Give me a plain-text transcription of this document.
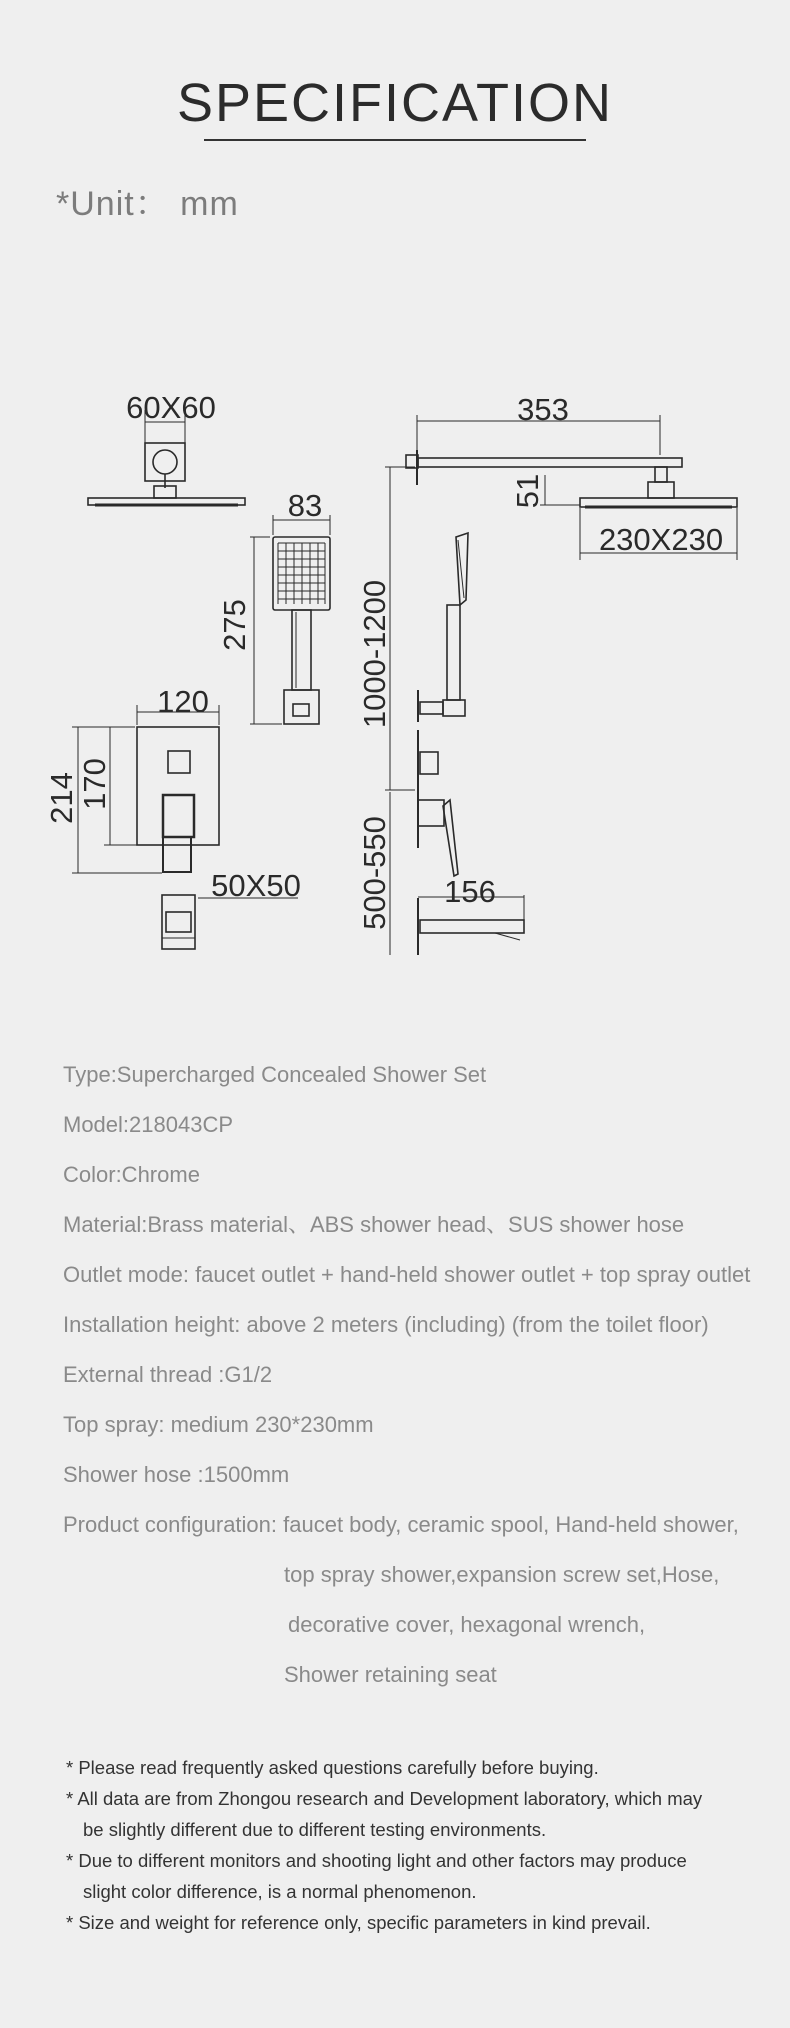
SPECIFICATION
*Unit： mm
60X60	353
230X230
83
120
50X50	156
51
275	1000-1200
214
170
500-550
Type:Supercharged Concealed Shower Set
Model:218043CP
Color:Chrome
Material:Brass material、ABS shower head、SUS shower hose
Outlet mode: faucet outlet + hand-held shower outlet + top spray outlet
Installation height: above 2 meters (including) (from the toilet floor)
External thread :G1/2
Top spray: medium 230*230mm
Shower hose :1500mm
Product configuration: faucet body, ceramic spool, Hand-held shower,
top spray shower,expansion screw set,Hose,
decorative cover, hexagonal wrench,
Shower retaining seat
* Please read frequently asked questions carefully before buying.
* All data are from Zhongou research and Development laboratory, which may
be slightly different due to different testing environments.
* Due to different monitors and shooting light and other factors may produce
slight color difference, is a normal phenomenon.
* Size and weight for reference only, specific parameters in kind prevail.
